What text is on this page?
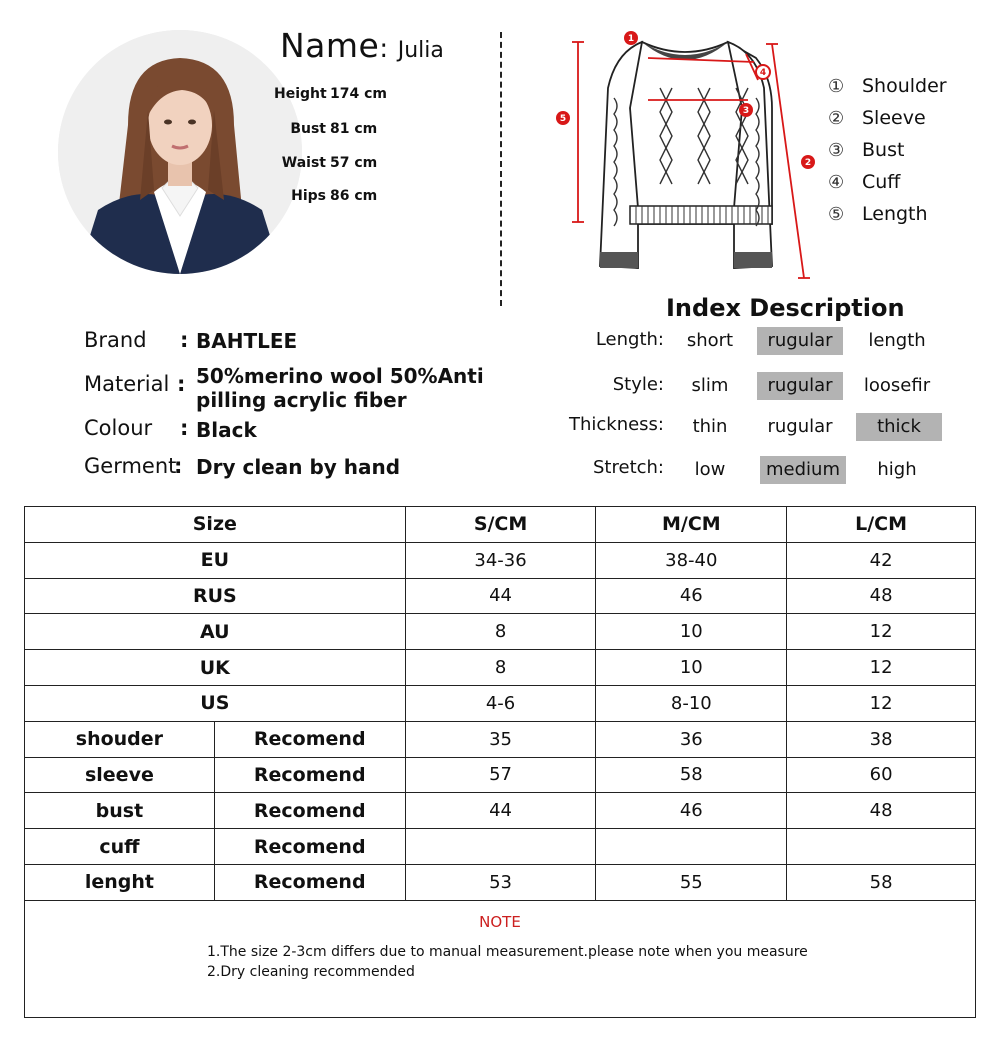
Name: Julia
Height 174 cm
Bust 81 cm
Waist 57 cm
Hips 86 cm
1
2
3
4
5
① Shoulder
② Sleeve
③ Bust
④ Cuff
⑤ Length
Brand : BAHTLEE
Material : 50%merino wool 50%Anti pilling acrylic fiber
Colour : Black
Germent
: Dry clean by hand
Index Description
Length:	short	rugular	length
Style:	slim	rugular	loosefir
Thickness:	thin	rugular	thick
Stretch:	low	medium	high
Size		S/CM	M/CM	L/CM
EU		34-36	38-40	42
RUS		44	46	48
AU		8	10	12
UK		8	10	12
US		4-6	8-10	12
shouder	Recomend	35	36	38
sleeve	Recomend	57	58	60
bust	Recomend	44	46	48
cuff	Recomend			
lenght	Recomend	53	55	58
NOTE
1.The size 2-3cm differs due to manual measurement.please note when you measure
2.Dry cleaning recommended
